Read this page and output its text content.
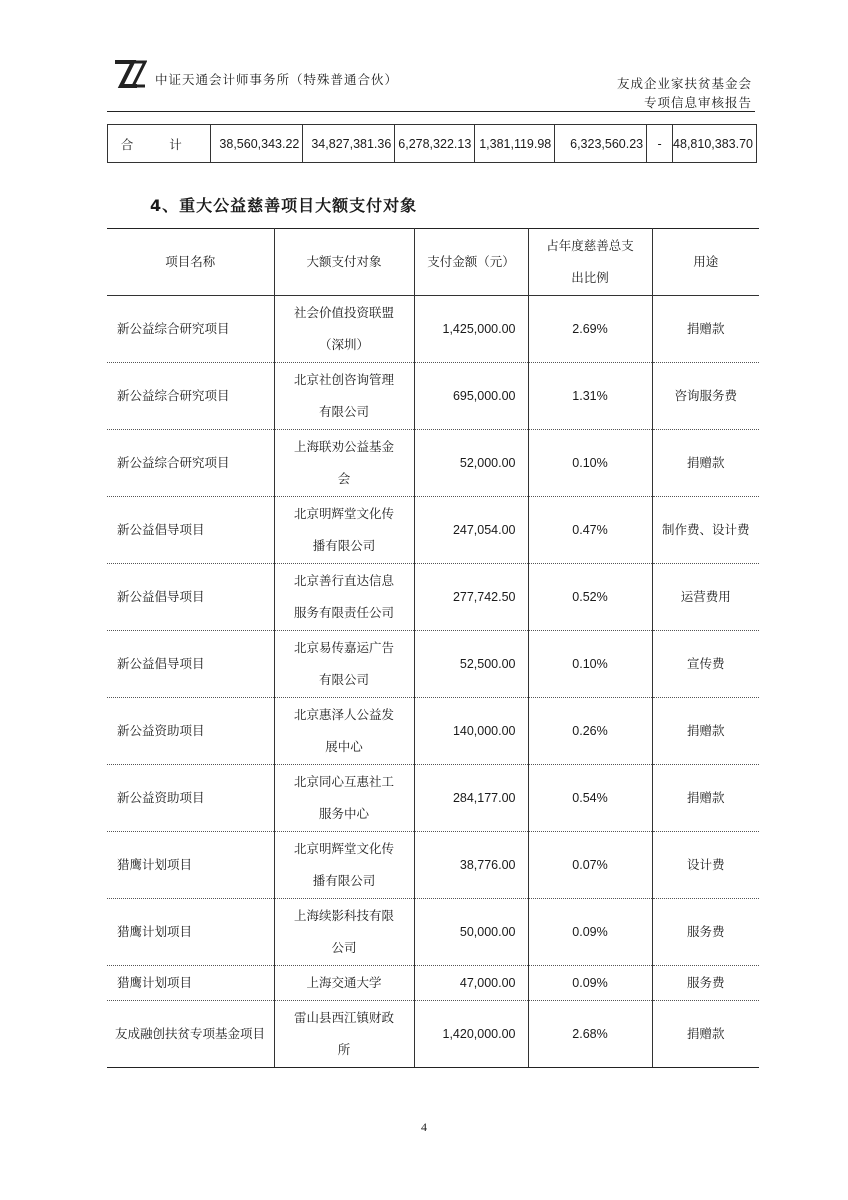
中证天通会计师事务所（特殊普通合伙）	友成企业家扶贫基金会
专项信息审核报告
合 计	38,560,343.22	34,827,381.36	6,278,322.13	1,381,119.98	6,323,560.23	-	48,810,383.70
4、重大公益慈善项目大额支付对象
项目名称	大额支付对象	支付金额（元）	占年度慈善总支出比例	用途
新公益综合研究项目	社会价值投资联盟（深圳）	1,425,000.00	2.69%	捐赠款
新公益综合研究项目	北京社创咨询管理有限公司	695,000.00	1.31%	咨询服务费
新公益综合研究项目	上海联劝公益基金会	52,000.00	0.10%	捐赠款
新公益倡导项目	北京明辉堂文化传播有限公司	247,054.00	0.47%	制作费、设计费
新公益倡导项目	北京善行直达信息服务有限责任公司	277,742.50	0.52%	运营费用
新公益倡导项目	北京易传嘉运广告有限公司	52,500.00	0.10%	宣传费
新公益资助项目	北京惠泽人公益发展中心	140,000.00	0.26%	捐赠款
新公益资助项目	北京同心互惠社工服务中心	284,177.00	0.54%	捐赠款
猎鹰计划项目	北京明辉堂文化传播有限公司	38,776.00	0.07%	设计费
猎鹰计划项目	上海续影科技有限公司	50,000.00	0.09%	服务费
猎鹰计划项目	上海交通大学	47,000.00	0.09%	服务费
友成融创扶贫专项基金项目	雷山县西江镇财政所	1,420,000.00	2.68%	捐赠款
4
